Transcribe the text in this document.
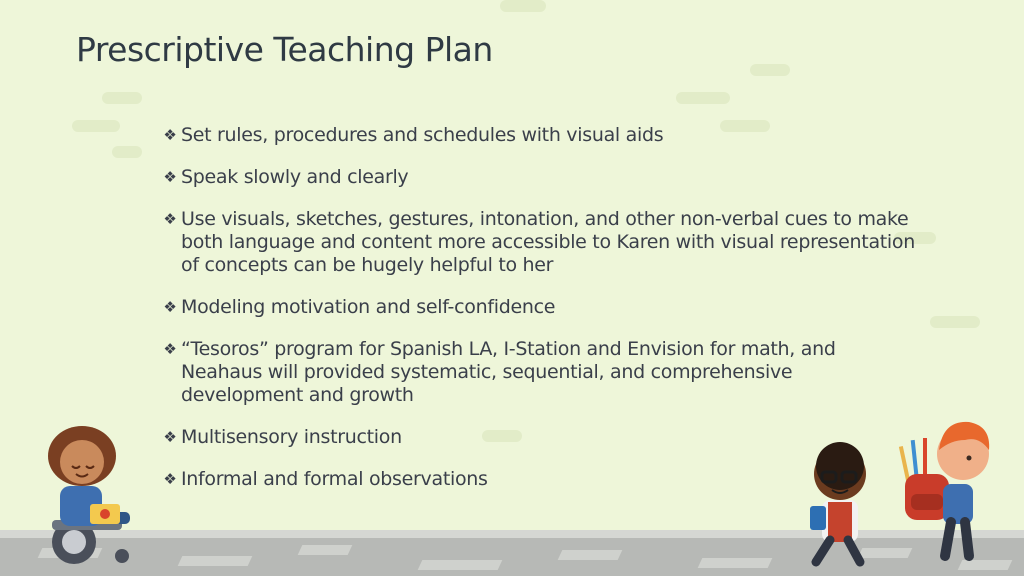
Prescriptive Teaching Plan
❖ Set rules, procedures and schedules with visual aids
❖ Speak slowly and clearly
❖ Use visuals, sketches, gestures, intonation, and other non-verbal cues to make both language and content more accessible to Karen with visual representation of concepts can be hugely helpful to her
❖ Modeling motivation and self-confidence
❖ “Tesoros” program for Spanish LA, I-Station and Envision for math, and Neahaus will provided systematic, sequential, and comprehensive development and growth
❖ Multisensory instruction
❖ Informal and formal observations
